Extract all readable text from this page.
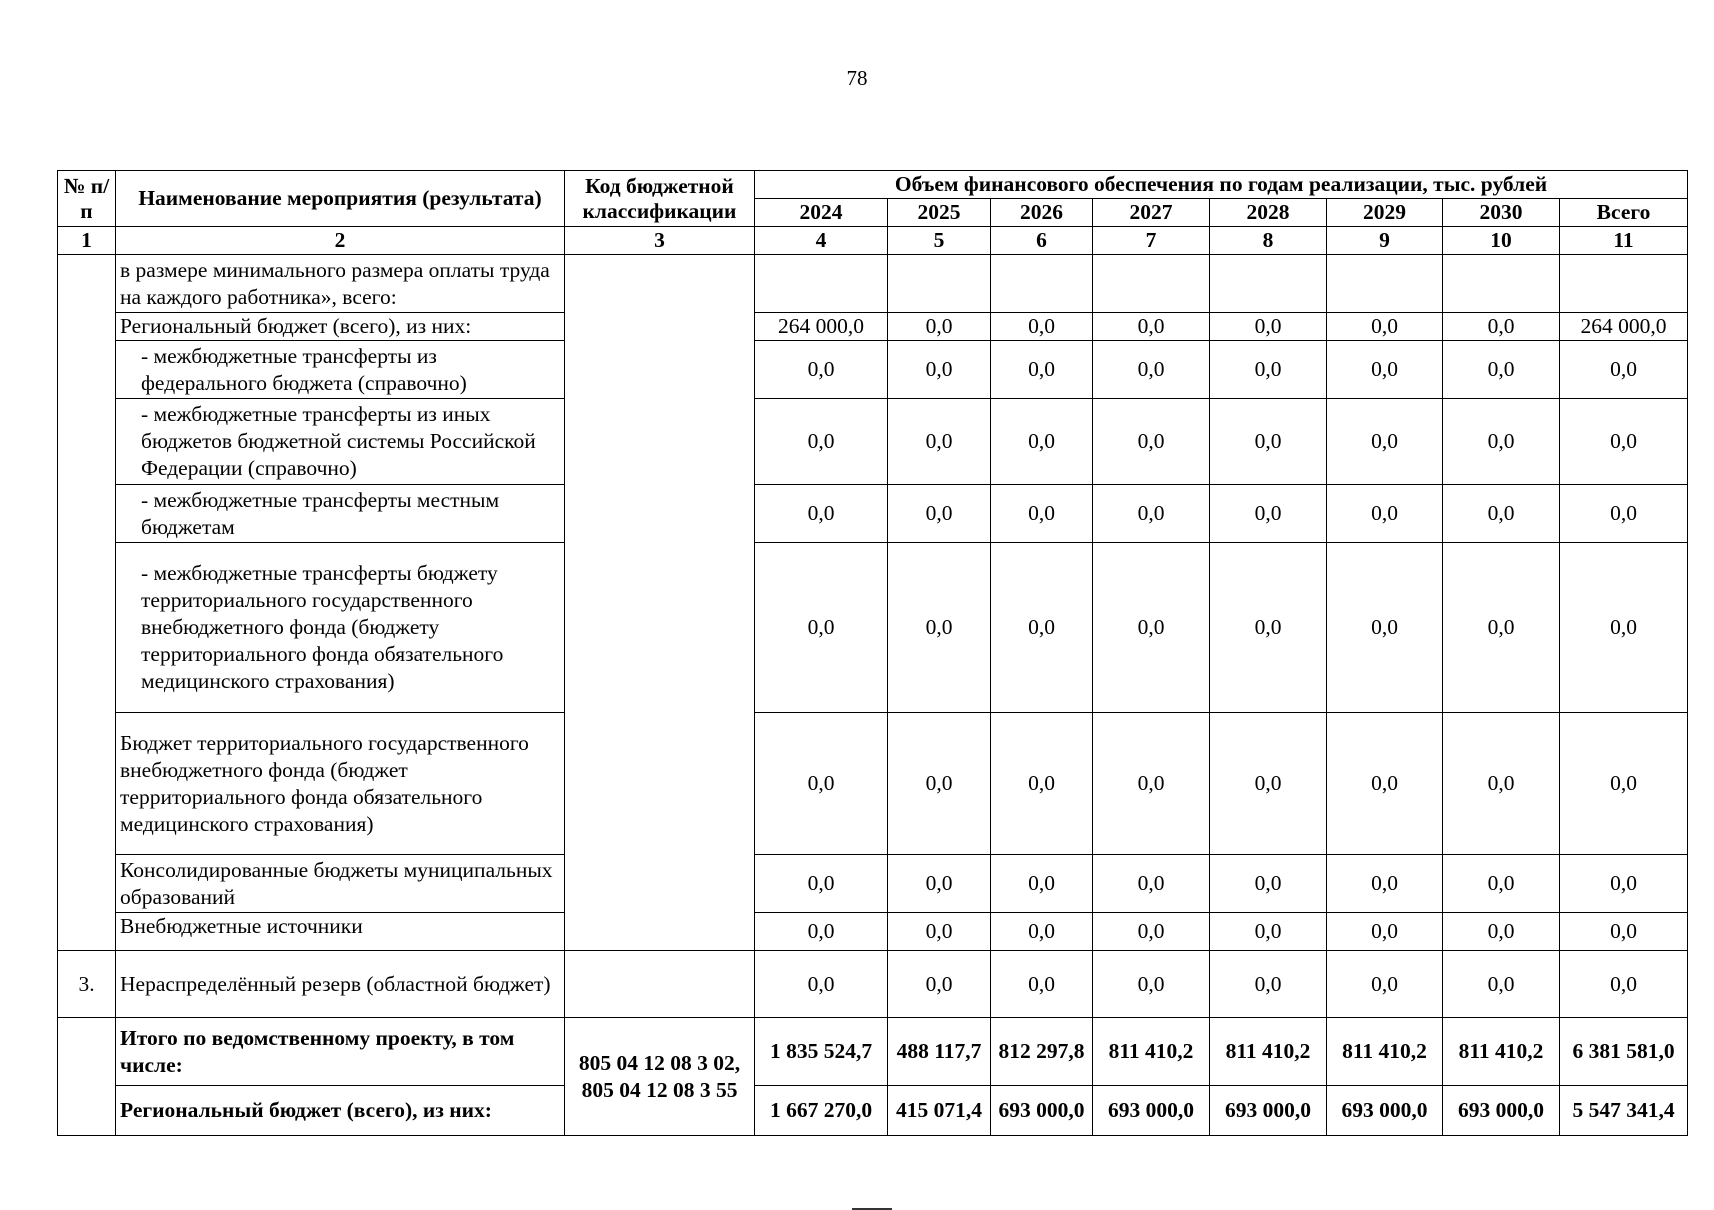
78
№ п/п	Наименование мероприятия (результата)	Код бюджетной классификации	Объем финансового обеспечения по годам реализации, тыс. рублей							
			2024	2025	2026	2027	2028	2029	2030	Всего
1	2	3	4	5	6	7	8	9	10	11
	в размере минимального размера оплаты труда на каждого работника», всего:									
	Региональный бюджет (всего), из них:		264 000,0	0,0	0,0	0,0	0,0	0,0	0,0	264 000,0
	- межбюджетные трансферты из федерального бюджета (справочно)		0,0	0,0	0,0	0,0	0,0	0,0	0,0	0,0
	- межбюджетные трансферты из иных бюджетов бюджетной системы Российской Федерации (справочно)		0,0	0,0	0,0	0,0	0,0	0,0	0,0	0,0
	- межбюджетные трансферты местным бюджетам		0,0	0,0	0,0	0,0	0,0	0,0	0,0	0,0
	- межбюджетные трансферты бюджету территориального государственного внебюджетного фонда (бюджету территориального фонда обязательного медицинского страхования)		0,0	0,0	0,0	0,0	0,0	0,0	0,0	0,0
	Бюджет территориального государственного внебюджетного фонда (бюджет территориального фонда обязательного медицинского страхования)		0,0	0,0	0,0	0,0	0,0	0,0	0,0	0,0
	Консолидированные бюджеты муниципальных образований		0,0	0,0	0,0	0,0	0,0	0,0	0,0	0,0
	Внебюджетные источники		0,0	0,0	0,0	0,0	0,0	0,0	0,0	0,0
3.	Нераспределённый резерв (областной бюджет)		0,0	0,0	0,0	0,0	0,0	0,0	0,0	0,0
	Итого по ведомственному проекту, в том числе:	805 04 12 08 3 02, 805 04 12 08 3 55	1 835 524,7	488 117,7	812 297,8	811 410,2	811 410,2	811 410,2	811 410,2	6 381 581,0
	Региональный бюджет (всего), из них:		1 667 270,0	415 071,4	693 000,0	693 000,0	693 000,0	693 000,0	693 000,0	5 547 341,4
